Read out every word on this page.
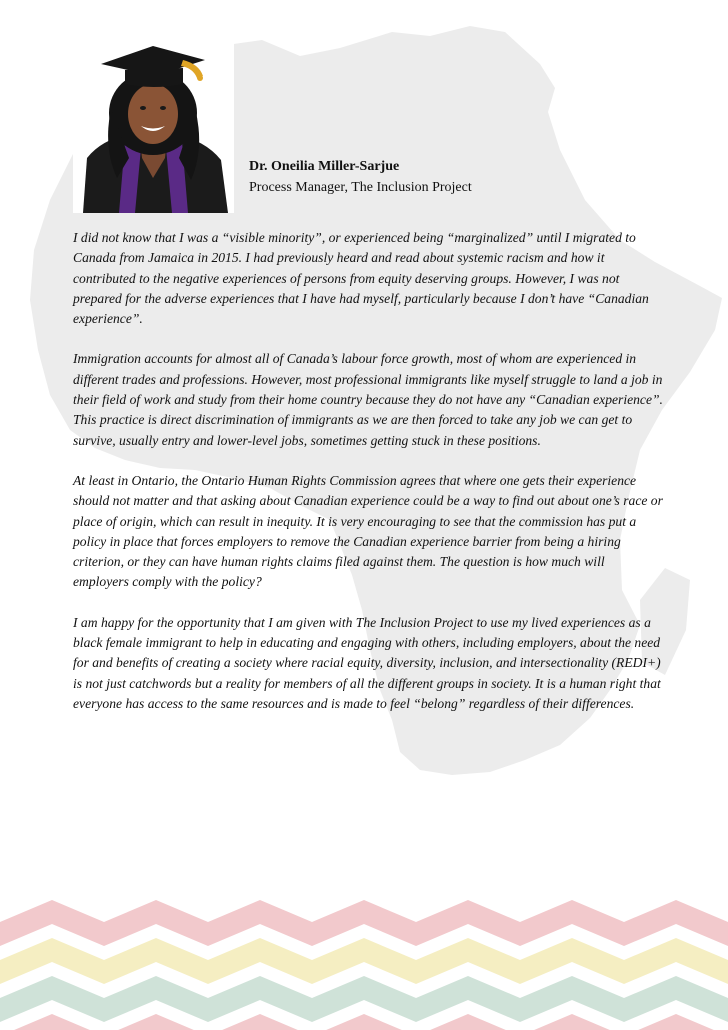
Dr. Oneilia Miller-Sarjue
Process Manager, The Inclusion Project

I did not know that I was a “visible minority”, or experienced being “marginalized” until I migrated to Canada from Jamaica in 2015. I had previously heard and read about systemic racism and how it contributed to the negative experiences of persons from equity deserving groups. However, I was not prepared for the adverse experiences that I have had myself, particularly because I don’t have “Canadian experience”.

Immigration accounts for almost all of Canada’s labour force growth, most of whom are experienced in different trades and professions. However, most professional immigrants like myself struggle to land a job in their field of work and study from their home country because they do not have any “Canadian experience”. This practice is direct discrimination of immigrants as we are then forced to take any job we can get to survive, usually entry and lower-level jobs, sometimes getting stuck in these positions.

At least in Ontario, the Ontario Human Rights Commission agrees that where one gets their experience should not matter and that asking about Canadian experience could be a way to find out about one’s race or place of origin, which can result in inequity. It is very encouraging to see that the commission has put a policy in place that forces employers to remove the Canadian experience barrier from being a hiring criterion, or they can have human rights claims filed against them. The question is how much will employers comply with the policy?

I am happy for the opportunity that I am given with The Inclusion Project to use my lived experiences as a black female immigrant to help in educating and engaging with others, including employers, about the need for and benefits of creating a society where racial equity, diversity, inclusion, and intersectionality (REDI+) is not just catchwords but a reality for members of all the different groups in society. It is a human right that everyone has access to the same resources and is made to feel “belong” regardless of their differences.
